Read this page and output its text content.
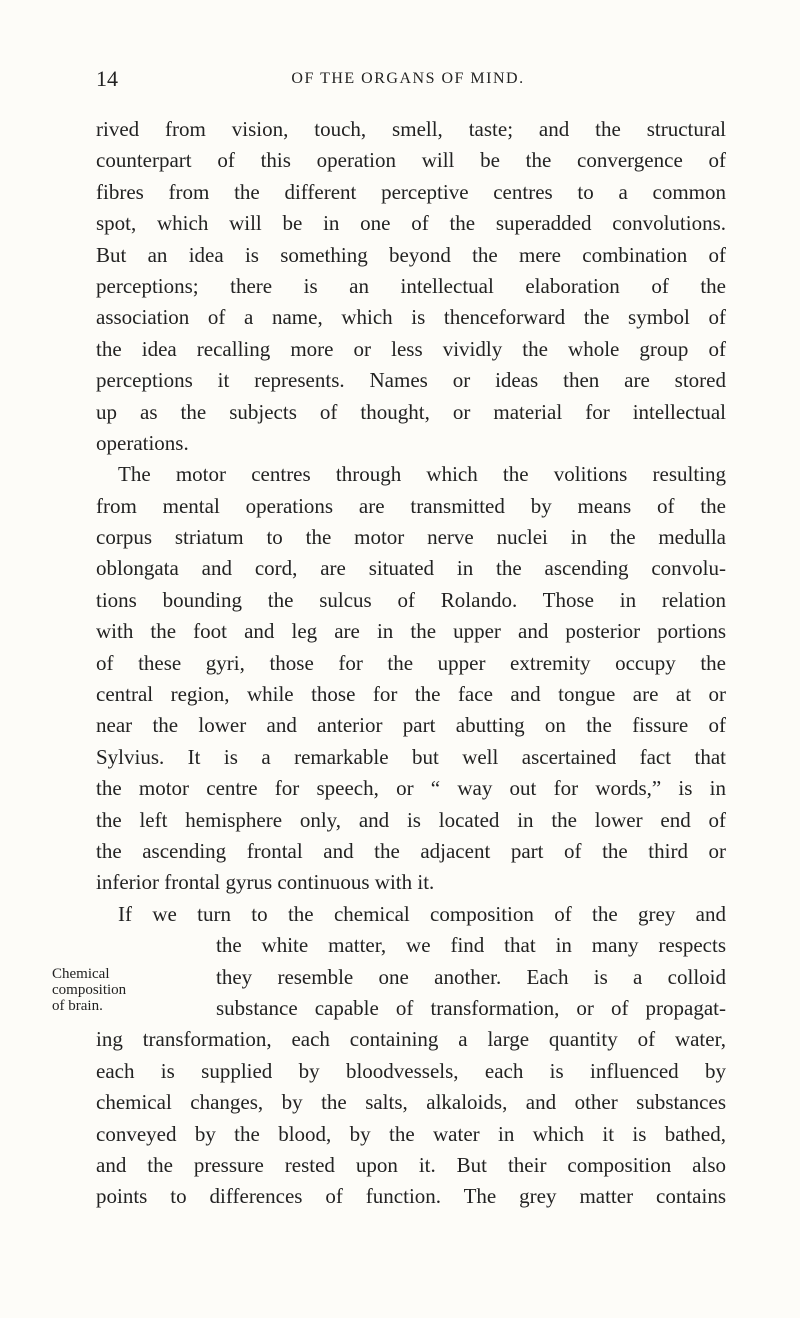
14	OF THE ORGANS OF MIND.
rived from vision, touch, smell, taste; and the structural
counterpart of this operation will be the convergence of
fibres from the different perceptive centres to a common
spot, which will be in one of the superadded convolutions.
But an idea is something beyond the mere combination of
perceptions; there is an intellectual elaboration of the
association of a name, which is thenceforward the symbol of
the idea recalling more or less vividly the whole group of
perceptions it represents. Names or ideas then are stored
up as the subjects of thought, or material for intellectual
operations.
The motor centres through which the volitions resulting
from mental operations are transmitted by means of the
corpus striatum to the motor nerve nuclei in the medulla
oblongata and cord, are situated in the ascending convolu-
tions bounding the sulcus of Rolando. Those in relation
with the foot and leg are in the upper and posterior portions
of these gyri, those for the upper extremity occupy the
central region, while those for the face and tongue are at or
near the lower and anterior part abutting on the fissure of
Sylvius. It is a remarkable but well ascertained fact that
the motor centre for speech, or “ way out for words,” is in
the left hemisphere only, and is located in the lower end of
the ascending frontal and the adjacent part of the third or
inferior frontal gyrus continuous with it.
If we turn to the chemical composition of the grey and
Chemical
composition
of brain.
the white matter, we find that in many respects
they resemble one another. Each is a colloid
substance capable of transformation, or of propagat-
ing transformation, each containing a large quantity of water,
each is supplied by bloodvessels, each is influenced by
chemical changes, by the salts, alkaloids, and other substances
conveyed by the blood, by the water in which it is bathed,
and the pressure rested upon it. But their composition also
points to differences of function. The grey matter contains
